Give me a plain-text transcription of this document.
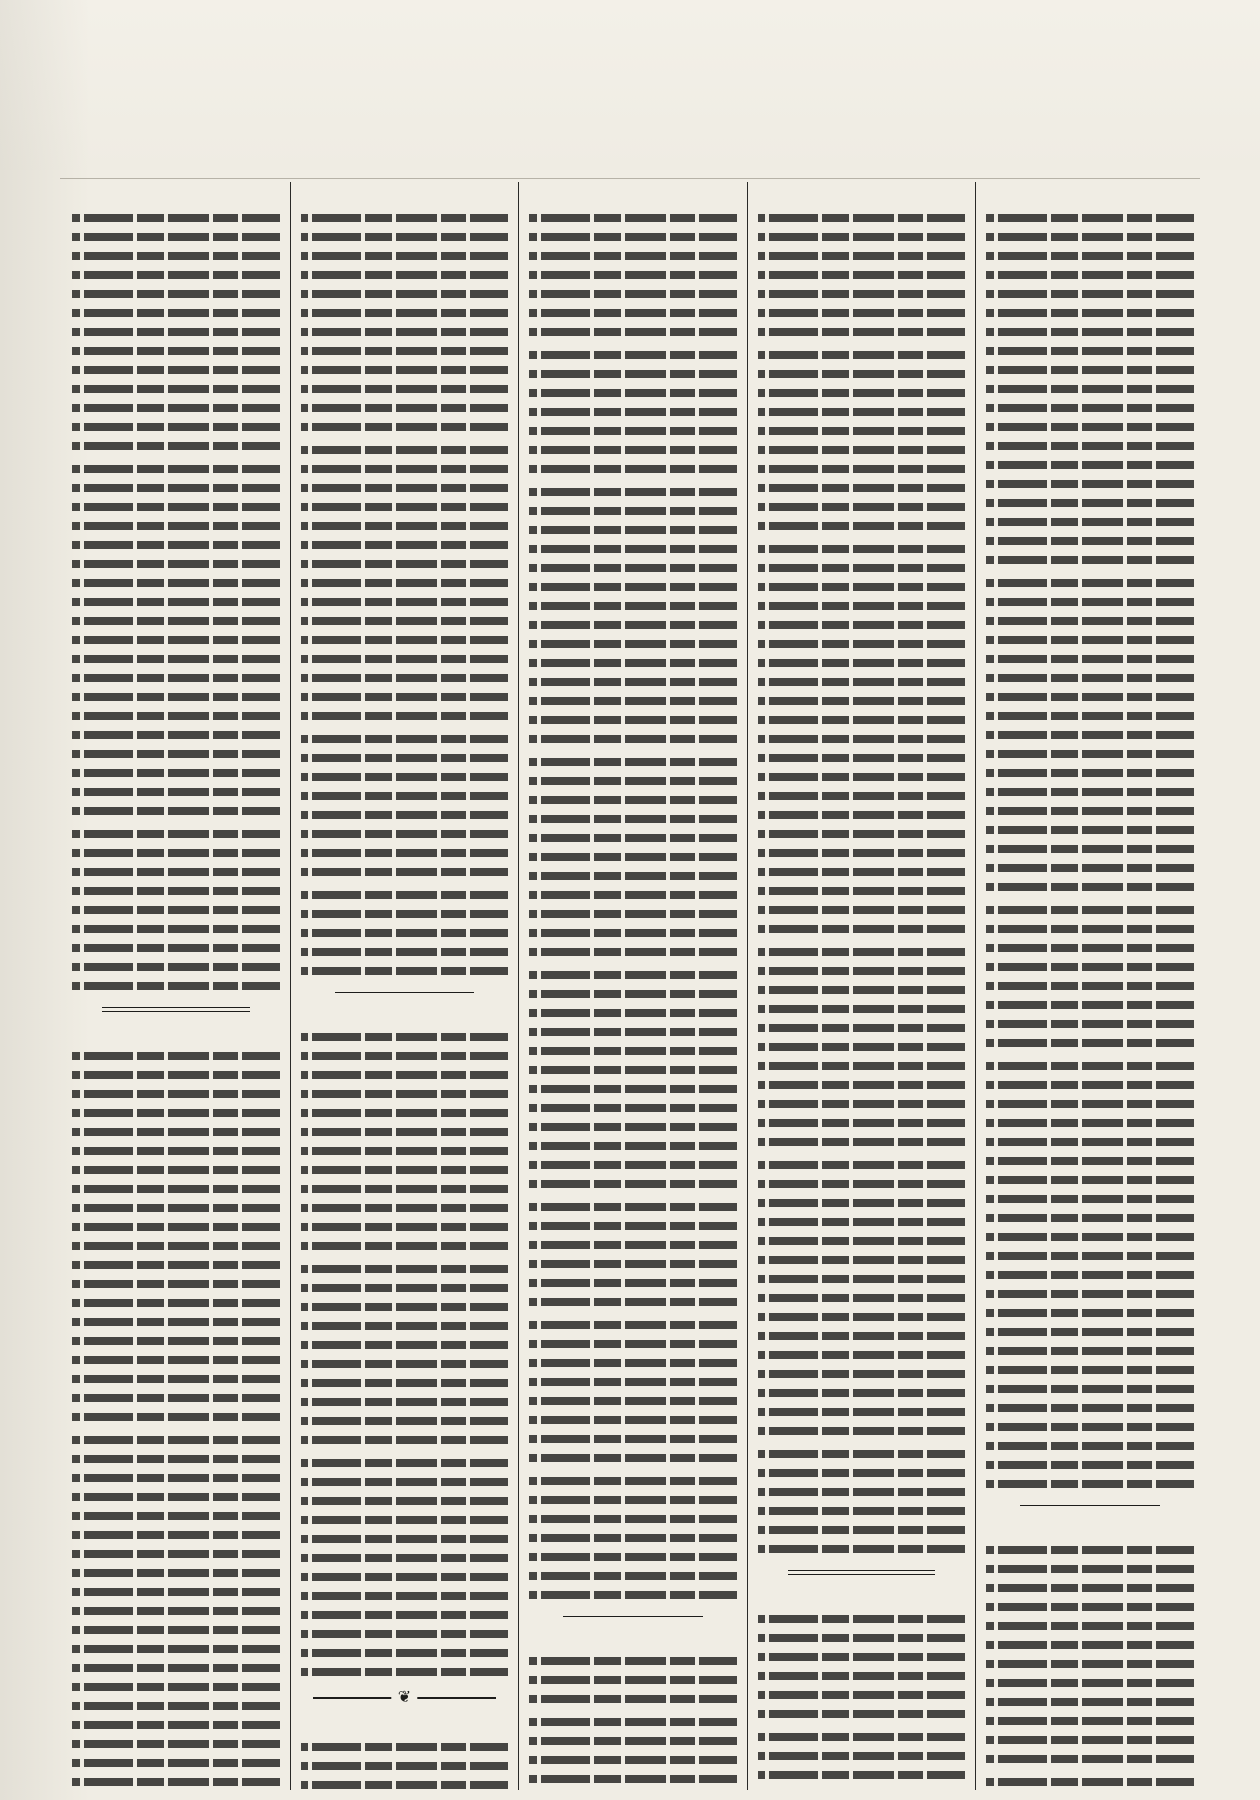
❦
